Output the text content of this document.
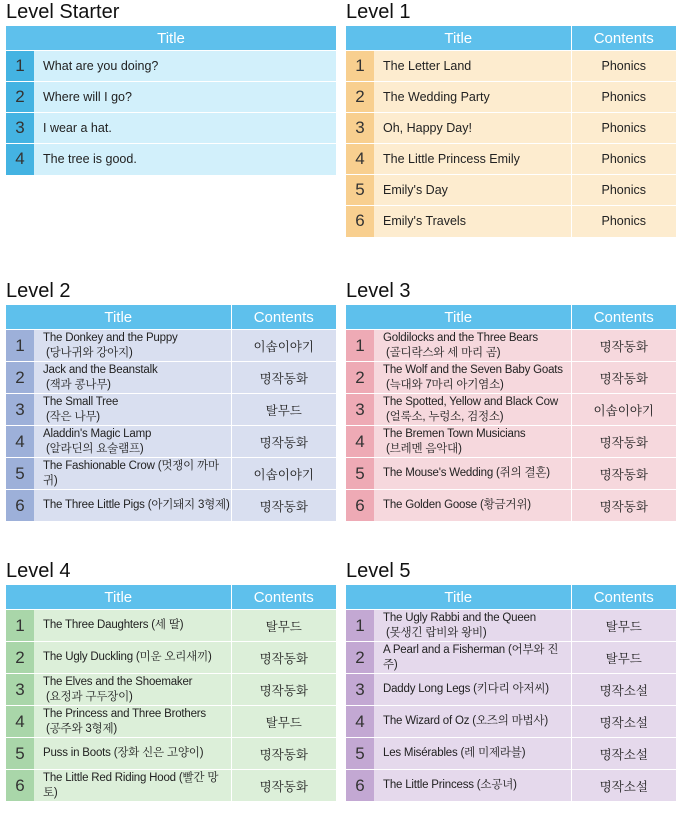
Level Starter
Title	
1	What are you doing?
2	Where will I go?
3	I wear a hat.
4	The tree is good.
Level 1
Title		Contents
1	The Letter Land	Phonics
2	The Wedding Party	Phonics
3	Oh, Happy Day!	Phonics
4	The Little Princess Emily	Phonics
5	Emily's Day	Phonics
6	Emily's Travels	Phonics
Level 2
Title		Contents
1	The Donkey and the Puppy
(당나귀와 강아지)	이솝이야기
2	Jack and the Beanstalk
(잭과 콩나무)	명작동화
3	The Small Tree
(작은 나무)	탈무드
4	Aladdin's Magic Lamp
(알라딘의 요술램프)	명작동화
5	The Fashionable Crow (멋쟁이 까마귀)	이솝이야기
6	The Three Little Pigs (아기돼지 3형제)	명작동화
Level 3
Title		Contents
1	Goldilocks and the Three Bears
(골디락스와 세 마리 곰)	명작동화
2	The Wolf and the Seven Baby Goats
(늑대와 7마리 아기염소)	명작동화
3	The Spotted, Yellow and Black Cow
(얼룩소, 누렁소, 검정소)	이솝이야기
4	The Bremen Town Musicians
(브레멘 음악대)	명작동화
5	The Mouse's Wedding (쥐의 결혼)	명작동화
6	The Golden Goose (황금거위)	명작동화
Level 4
Title		Contents
1	The Three Daughters (세 딸)	탈무드
2	The Ugly Duckling (미운 오리새끼)	명작동화
3	The Elves and the Shoemaker
(요정과 구두장이)	명작동화
4	The Princess and Three Brothers
(공주와 3형제)	탈무드
5	Puss in Boots (장화 신은 고양이)	명작동화
6	The Little Red Riding Hood (빨간 망토)	명작동화
Level 5
Title		Contents
1	The Ugly Rabbi and the Queen
(못생긴 랍비와 왕비)	탈무드
2	A Pearl and a Fisherman (어부와 진주)	탈무드
3	Daddy Long Legs (키다리 아저씨)	명작소설
4	The Wizard of Oz (오즈의 마법사)	명작소설
5	Les Misérables (레 미제라블)	명작소설
6	The Little Princess (소공녀)	명작소설
